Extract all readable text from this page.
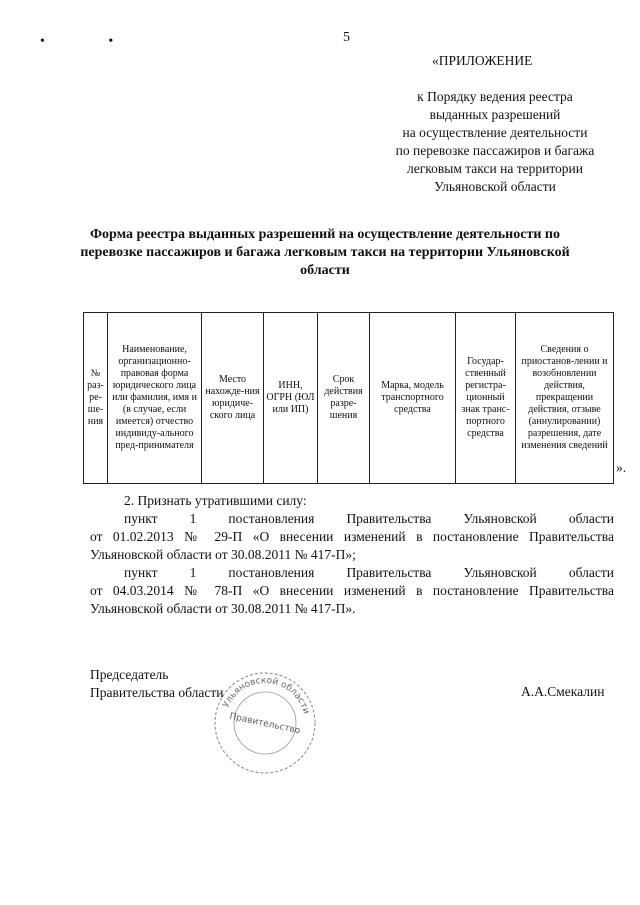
• •	5
«ПРИЛОЖЕНИЕ
к Порядку ведения реестра
выданных разрешений
на осуществление деятельности
по перевозке пассажиров и багажа
легковым такси на территории
Ульяновской области
Форма реестра выданных разрешений на осуществление деятельности по перевозке пассажиров и багажа легковым такси на территории Ульяновской области
№ раз-ре-ше-ния	Наименование, организационно-правовая форма юридического лица или фамилия, имя и (в случае, если имеется) отчество индивиду-ального пред-принимателя	Место нахожде-ния юридиче-ского лица	ИНН, ОГРН (ЮЛ или ИП)	Срок действия разре-шения	Марка, модель транспортного средства	Государ-ственный регистра-ционный знак транс-портного средства	Сведения о приостанов-лении и возобновлении действия, прекращении действия, отзыве (аннулировании) разрешения, дате изменения сведений
».

2. Признать утратившими силу:

пункт 1 постановления Правительства Ульяновской области

от 01.02.2013 № 29-П «О внесении изменений в постановление Правительства Ульяновской области от 30.08.2011 № 417-П»;

пункт 1 постановления Правительства Ульяновской области

от 04.03.2014 № 78-П «О внесении изменений в постановление Правительства Ульяновской области от 30.08.2011 № 417-П».

Председатель
Правительства области	А.А.Смекалин
Ульяновской области
Правительство
